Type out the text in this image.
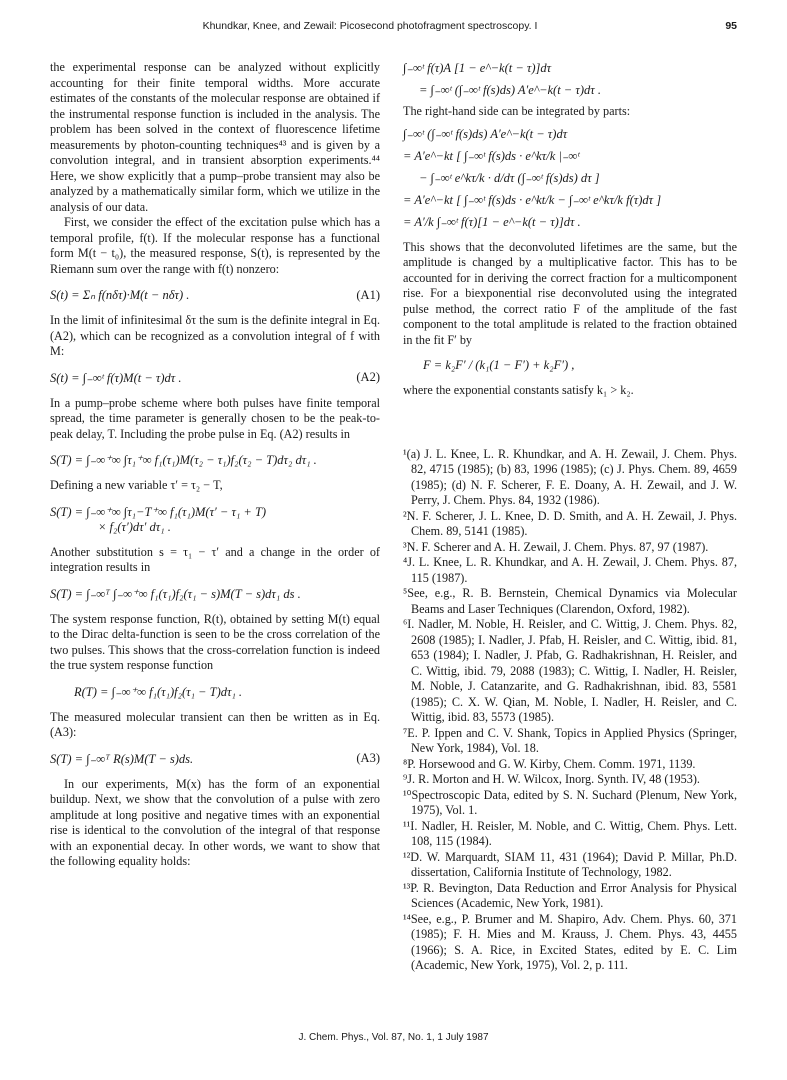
Khundkar, Knee, and Zewail: Picosecond photofragment spectroscopy. I	95

the experimental response can be analyzed without explicitly accounting for their finite temporal widths. More accurate estimates of the constants of the molecular response are obtained if the instrumental response function is included in the analysis. The problem has been solved in the context of fluorescence lifetime measurements by photon-counting techniques⁴³ and is given by a convolution integral, and in transient absorption experiments.⁴⁴ Here, we show explicitly that a pump–probe transient may also be analyzed by a mathematically similar form, which we utilize in the analysis of our data.

First, we consider the effect of the excitation pulse which has a temporal profile, f(t). If the molecular response has a functional form M(t − t₀), the measured response, S(t), is represented by the Riemann sum over the range with f(t) nonzero:

S(t) = Σₙ f(nδτ)·M(t − nδτ) .	(A1)

In the limit of infinitesimal δτ the sum is the definite integral in Eq. (A2), which can be recognized as a convolution integral of f with M:

S(t) = ∫₋∞ᵗ f(τ)M(t − τ)dτ .	(A2)

In a pump–probe scheme where both pulses have finite temporal spread, the time parameter is generally chosen to be the peak-to-peak delay, T. Including the probe pulse in Eq. (A2) results in

S(T) = ∫₋∞⁺∞ ∫τ₁⁺∞ f₁(τ₁)M(τ₂ − τ₁)f₂(τ₂ − T)dτ₂ dτ₁ .

Defining a new variable τ′ = τ₂ − T,

S(T) = ∫₋∞⁺∞ ∫τ₁−T⁺∞ f₁(τ₁)M(τ′ − τ₁ + T)
× f₂(τ′)dτ′ dτ₁ .

Another substitution s = τ₁ − τ′ and a change in the order of integration results in

S(T) = ∫₋∞ᵀ ∫₋∞⁺∞ f₁(τ₁)f₂(τ₁ − s)M(T − s)dτ₁ ds .

The system response function, R(t), obtained by setting M(t) equal to the Dirac delta-function is seen to be the cross correlation of the two pulses. This shows that the cross-correlation function is indeed the true system response function

R(T) = ∫₋∞⁺∞ f₁(τ₁)f₂(τ₁ − T)dτ₁ .

The measured molecular transient can then be written as in Eq. (A3):

S(T) = ∫₋∞ᵀ R(s)M(T − s)ds.	(A3)

In our experiments, M(x) has the form of an exponential buildup. Next, we show that the convolution of a pulse with zero amplitude at long positive and negative times with an exponential rise is identical to the convolution of the integral of that response with an exponential decay. In other words, we want to show that the following equality holds:

∫₋∞ᵗ f(τ)A [1 − e^−k(t − τ)]dτ
= ∫₋∞ᵗ (∫₋∞ᵗ f(s)ds) A′e^−k(t − τ)dτ .

The right-hand side can be integrated by parts:

∫₋∞ᵗ (∫₋∞ᵗ f(s)ds) A′e^−k(t − τ)dτ
= A′e^−kt [ ∫₋∞ᵗ f(s)ds · e^kτ/k |₋∞ᵗ
− ∫₋∞ᵗ e^kτ/k · d/dτ (∫₋∞ᵗ f(s)ds) dτ ]
= A′e^−kt [ ∫₋∞ᵗ f(s)ds · e^kt/k − ∫₋∞ᵗ e^kτ/k f(τ)dτ ]
= A′/k ∫₋∞ᵗ f(τ)[1 − e^−k(t − τ)]dτ .

This shows that the deconvoluted lifetimes are the same, but the amplitude is changed by a multiplicative factor. This has to be accounted for in deriving the correct fraction for a multicomponent rise. For a biexponential rise deconvoluted using the integrated pulse method, the correct ratio F of the amplitude of the fast component to the total amplitude is related to the fraction obtained in the fit F′ by

F = k₂F′ / (k₁(1 − F′) + k₂F′) ,

where the exponential constants satisfy k₁ > k₂.

¹(a) J. L. Knee, L. R. Khundkar, and A. H. Zewail, J. Chem. Phys. 82, 4715 (1985); (b) 83, 1996 (1985); (c) J. Phys. Chem. 89, 4659 (1985); (d) N. F. Scherer, F. E. Doany, A. H. Zewail, and J. W. Perry, J. Chem. Phys. 84, 1932 (1986).

²N. F. Scherer, J. L. Knee, D. D. Smith, and A. H. Zewail, J. Phys. Chem. 89, 5141 (1985).

³N. F. Scherer and A. H. Zewail, J. Chem. Phys. 87, 97 (1987).

⁴J. L. Knee, L. R. Khundkar, and A. H. Zewail, J. Chem. Phys. 87, 115 (1987).

⁵See, e.g., R. B. Bernstein, Chemical Dynamics via Molecular Beams and Laser Techniques (Clarendon, Oxford, 1982).

⁶I. Nadler, M. Noble, H. Reisler, and C. Wittig, J. Chem. Phys. 82, 2608 (1985); I. Nadler, J. Pfab, H. Reisler, and C. Wittig, ibid. 81, 653 (1984); I. Nadler, J. Pfab, G. Radhakrishnan, H. Reisler, and C. Wittig, ibid. 79, 2088 (1983); C. Wittig, I. Nadler, H. Reisler, M. Noble, J. Catanzarite, and G. Radhakrishnan, ibid. 83, 5581 (1985); C. X. W. Qian, M. Noble, I. Nadler, H. Reisler, and C. Wittig, ibid. 83, 5573 (1985).

⁷E. P. Ippen and C. V. Shank, Topics in Applied Physics (Springer, New York, 1984), Vol. 18.

⁸P. Horsewood and G. W. Kirby, Chem. Comm. 1971, 1139.

⁹J. R. Morton and H. W. Wilcox, Inorg. Synth. IV, 48 (1953).

¹⁰Spectroscopic Data, edited by S. N. Suchard (Plenum, New York, 1975), Vol. 1.

¹¹I. Nadler, H. Reisler, M. Noble, and C. Wittig, Chem. Phys. Lett. 108, 115 (1984).

¹²D. W. Marquardt, SIAM 11, 431 (1964); David P. Millar, Ph.D. dissertation, California Institute of Technology, 1982.

¹³P. R. Bevington, Data Reduction and Error Analysis for Physical Sciences (Academic, New York, 1981).

¹⁴See, e.g., P. Brumer and M. Shapiro, Adv. Chem. Phys. 60, 371 (1985); F. H. Mies and M. Krauss, J. Chem. Phys. 43, 4455 (1966); S. A. Rice, in Excited States, edited by E. C. Lim (Academic, New York, 1975), Vol. 2, p. 111.

J. Chem. Phys., Vol. 87, No. 1, 1 July 1987
